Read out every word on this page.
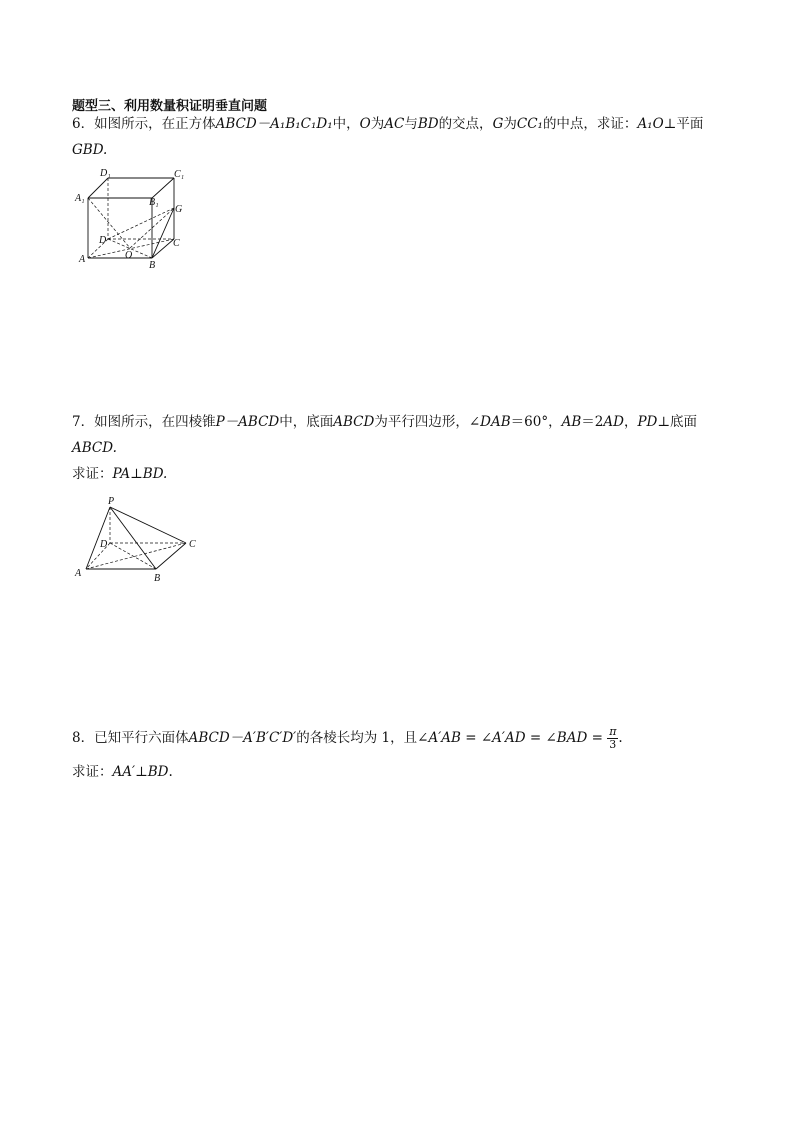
题型三、利用数量积证明垂直问题
6．如图所示，在正方体ABCD－A₁B₁C₁D₁中，O为AC与BD的交点，G为CC₁的中点，求证：A₁O⊥平面
GBD.
D₁	C₁
A₁	B₁
G
D	C
O
A
B
7．如图所示，在四棱锥P－ABCD中，底面ABCD为平行四边形，∠DAB＝60°，AB＝2AD，PD⊥底面
ABCD.
求证：PA⊥BD.
P
D	C
A	B
8．已知平行六面体ABCD－A′B′C′D′的各棱长均为 1，且∠A′AB = ∠A′AD = ∠BAD = $\frac{\pi}{3}$ .
求证：AA′⊥BD.
